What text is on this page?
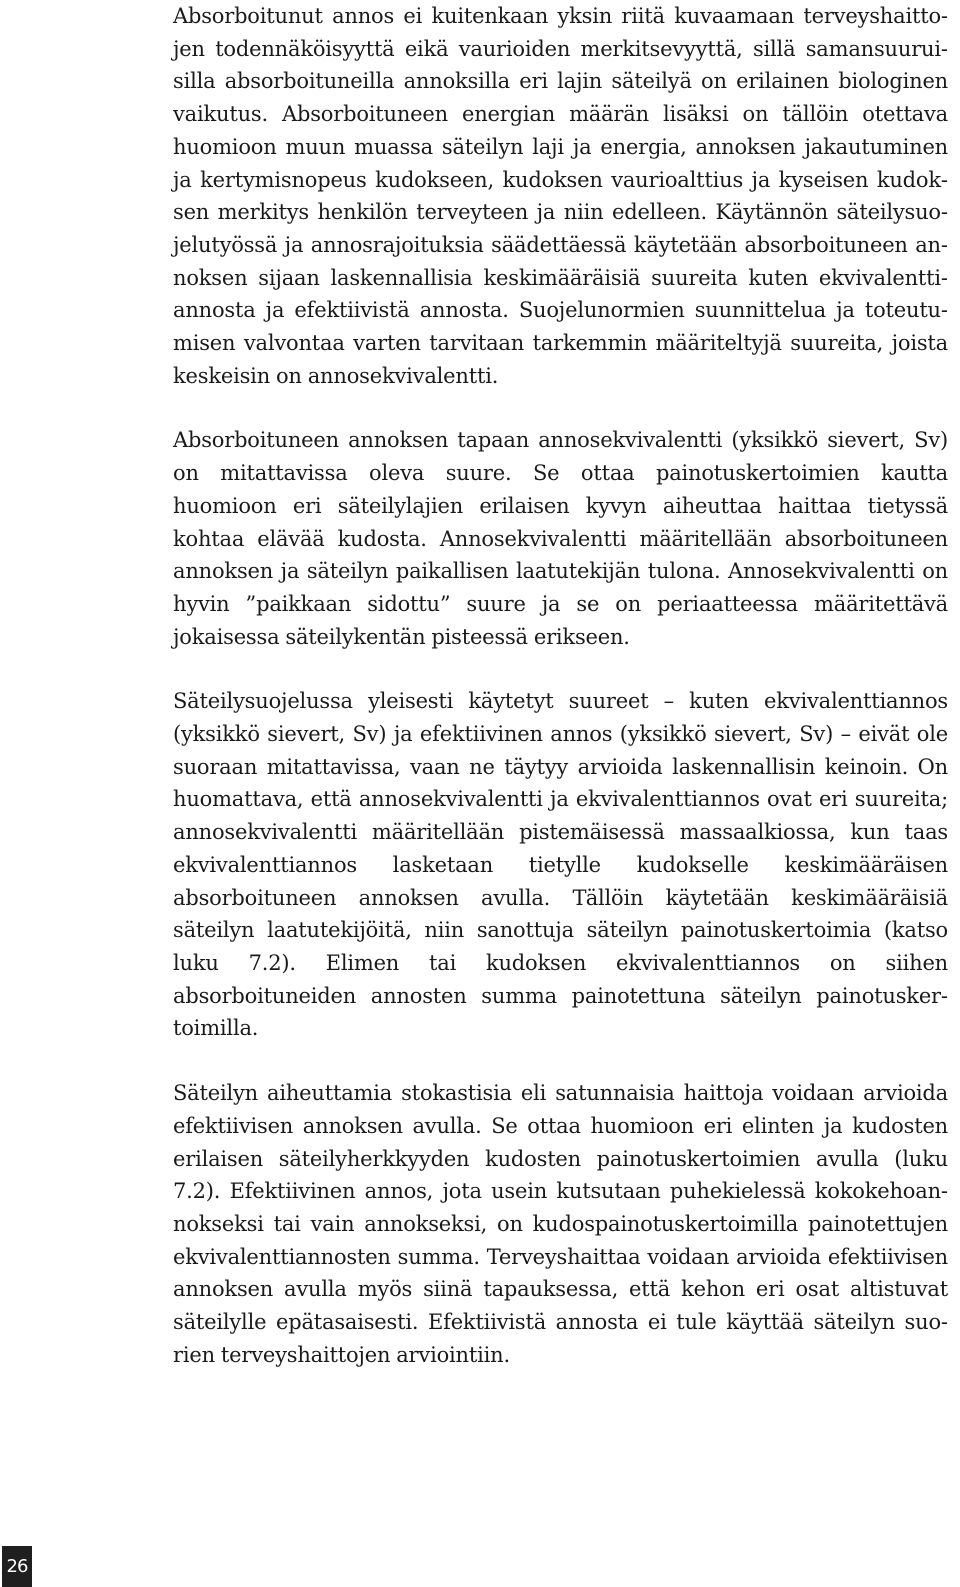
Absorboitunut annos ei kuitenkaan yksin riitä kuvaamaan terveyshaittojen todennäköisyyttä eikä vaurioiden merkitsevyyttä, sillä samansuuruisilla absorboituneilla annoksilla eri lajin säteilyä on erilainen biologinen vaikutus. Absorboituneen energian määrän lisäksi on tällöin otettava huomioon muun muassa säteilyn laji ja energia, annoksen jakautuminen ja kertymisnopeus kudokseen, kudoksen vaurioalttius ja kyseisen kudoksen merkitys henkilön terveyteen ja niin edelleen. Käytännön säteilysuojelutyössä ja annosrajoituksia säädettäessä käytetään absorboituneen annoksen sijaan laskennallisia keskimääräisiä suureita kuten ekvivalenttiannosta ja efektiivistä annosta. Suojelunormien suunnittelua ja toteutumisen valvontaa varten tarvitaan tarkemmin määriteltyjä suureita, joista keskeisin on annosekvivalentti.

Absorboituneen annoksen tapaan annosekvivalentti (yksikkö sievert, Sv) on mitattavissa oleva suure. Se ottaa painotuskertoimien kautta huomioon eri säteilylajien erilaisen kyvyn aiheuttaa haittaa tietyssä kohtaa elävää kudosta. Annosekvivalentti määritellään absorboituneen annoksen ja säteilyn paikallisen laatutekijän tulona. Annosekvivalentti on hyvin ”paikkaan sidottu” suure ja se on periaatteessa määritettävä jokaisessa säteilykentän pisteessä erikseen.

Säteilysuojelussa yleisesti käytetyt suureet – kuten ekvivalenttiannos (yksikkö sievert, Sv) ja efektiivinen annos (yksikkö sievert, Sv) – eivät ole suoraan mitattavissa, vaan ne täytyy arvioida laskennallisin keinoin. On huomattava, että annosekvivalentti ja ekvivalenttiannos ovat eri suureita; annosekvivalentti määritellään pistemäisessä massaalkiossa, kun taas ekvivalenttiannos lasketaan tietylle kudokselle keskimääräisen absorboituneen annoksen avulla. Tällöin käytetään keskimääräisiä säteilyn laatutekijöitä, niin sanottuja säteilyn painotuskertoimia (katso luku 7.2). Elimen tai kudoksen ekvivalenttiannos on siihen absorboituneiden annosten summa painotettuna säteilyn painotuskertoimilla.

Säteilyn aiheuttamia stokastisia eli satunnaisia haittoja voidaan arvioida efektiivisen annoksen avulla. Se ottaa huomioon eri elinten ja kudosten erilaisen säteilyherkkyyden kudosten painotuskertoimien avulla (luku 7.2). Efektiivinen annos, jota usein kutsutaan puhekielessä kokokehoannokseksi tai vain annokseksi, on kudospainotuskertoimilla painotettujen ekvivalenttiannosten summa. Terveyshaittaa voidaan arvioida efektiivisen annoksen avulla myös siinä tapauksessa, että kehon eri osat altistuvat säteilylle epätasaisesti. Efektiivistä annosta ei tule käyttää säteilyn suorien terveyshaittojen arviointiin.

26
